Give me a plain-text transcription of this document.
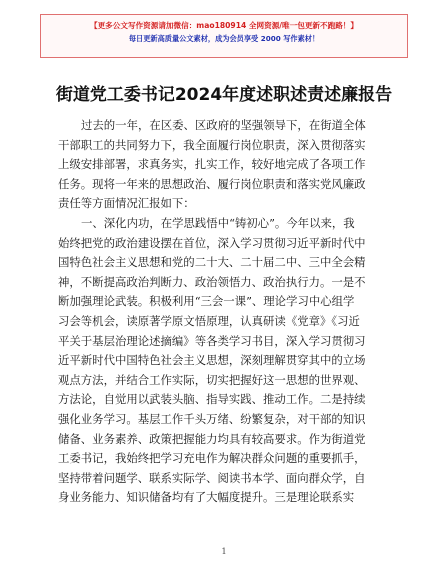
【更多公文写作资源请加微信：mao180914 全网资源/唯一包更新不跑路！】
每日更新高质量公文素材，成为会员享受 2000 写作素材！
街道党工委书记2024年度述职述责述廉报告
过去的一年，在区委、区政府的坚强领导下，在街道全体
干部职工的共同努力下，我全面履行岗位职责，深入贯彻落实
上级安排部署，求真务实，扎实工作，较好地完成了各项工作
任务。现将一年来的思想政治、履行岗位职责和落实党风廉政
责任等方面情况汇报如下：
一、深化内功，在学思践悟中“铸初心”。今年以来，我
始终把党的政治建设摆在首位，深入学习贯彻习近平新时代中
国特色社会主义思想和党的二十大、二十届二中、三中全会精
神，不断提高政治判断力、政治领悟力、政治执行力。一是不
断加强理论武装。积极利用“三会一课”、理论学习中心组学
习会等机会，读原著学原文悟原理，认真研读《党章》《习近
平关于基层治理论述摘编》等各类学习书目，深入学习贯彻习
近平新时代中国特色社会主义思想，深刻理解贯穿其中的立场
观点方法，并结合工作实际，切实把握好这一思想的世界观、
方法论，自觉用以武装头脑、指导实践、推动工作。二是持续
强化业务学习。基层工作千头万绪、纷繁复杂，对干部的知识
储备、业务素养、政策把握能力均具有较高要求。作为街道党
工委书记，我始终把学习充电作为解决群众问题的重要抓手，
坚持带着问题学、联系实际学、阅读书本学、面向群众学，自
身业务能力、知识储备均有了大幅度提升。三是理论联系实
1
